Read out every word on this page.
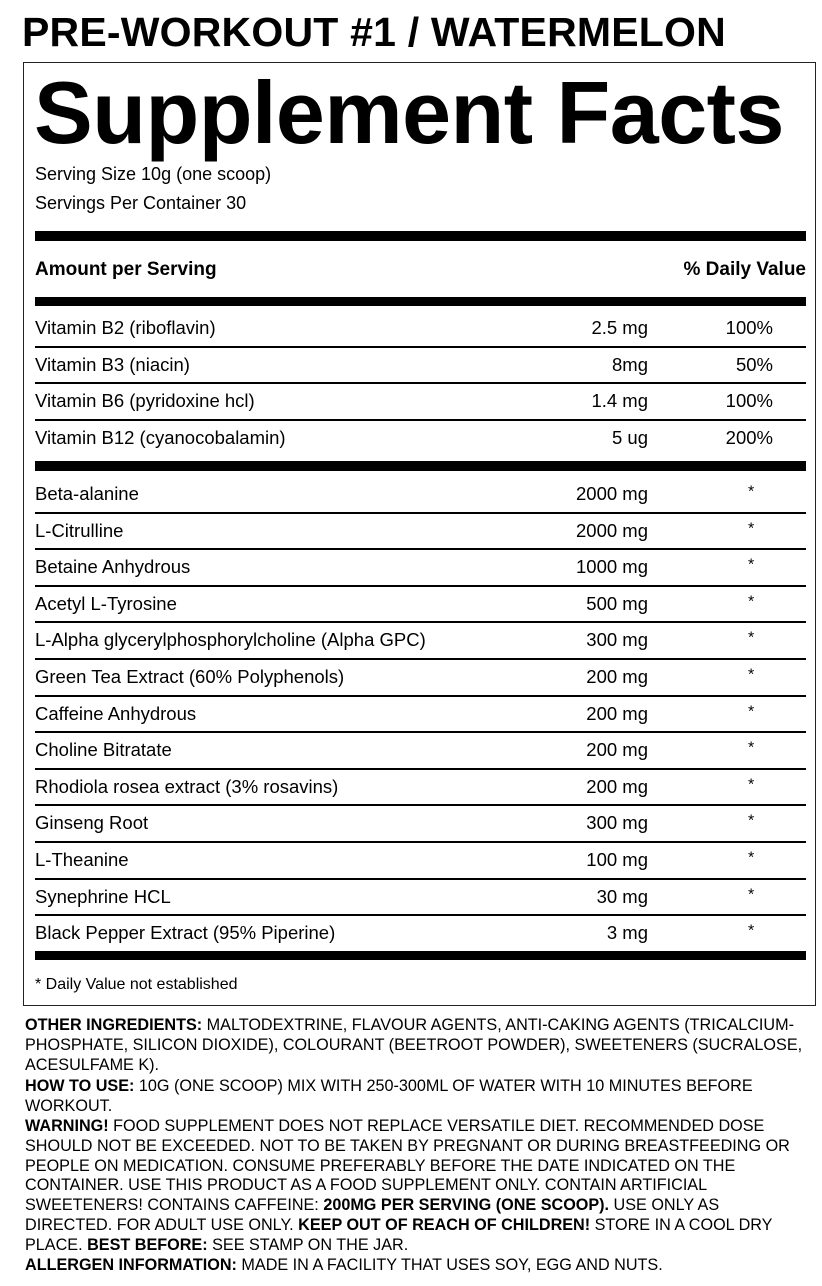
PRE-WORKOUT #1 / WATERMELON
Supplement Facts
Serving Size 10g (one scoop)
Servings Per Container 30
Amount per Serving	% Daily Value
Vitamin B2 (riboflavin)	2.5 mg	100%
Vitamin B3 (niacin)	8mg	50%
Vitamin B6 (pyridoxine hcl)	1.4 mg	100%
Vitamin B12 (cyanocobalamin)	5 ug	200%
Beta-alanine	2000 mg	*
L-Citrulline	2000 mg	*
Betaine Anhydrous	1000 mg	*
Acetyl L-Tyrosine	500 mg	*
L-Alpha glycerylphosphorylcholine (Alpha GPC)	300 mg	*
Green Tea Extract (60% Polyphenols)	200 mg	*
Caffeine Anhydrous	200 mg	*
Choline Bitratate	200 mg	*
Rhodiola rosea extract (3% rosavins)	200 mg	*
Ginseng Root	300 mg	*
L-Theanine	100 mg	*
Synephrine HCL	30 mg	*
Black Pepper Extract (95% Piperine)	3 mg	*
* Daily Value not established

OTHER INGREDIENTS: MALTODEXTRINE, FLAVOUR AGENTS, ANTI-CAKING AGENTS (TRICALCIUM-PHOSPHATE, SILICON DIOXIDE), COLOURANT (BEETROOT POWDER), SWEETENERS (SUCRALOSE, ACESULFAME K).

HOW TO USE: 10G (ONE SCOOP) MIX WITH 250-300ML OF WATER WITH 10 MINUTES BEFORE WORKOUT.

WARNING! FOOD SUPPLEMENT DOES NOT REPLACE VERSATILE DIET. RECOMMENDED DOSE SHOULD NOT BE EXCEEDED. NOT TO BE TAKEN BY PREGNANT OR DURING BREASTFEEDING OR PEOPLE ON MEDICATION. CONSUME PREFERABLY BEFORE THE DATE INDICATED ON THE CONTAINER. USE THIS PRODUCT AS A FOOD SUPPLEMENT ONLY. CONTAIN ARTIFICIAL SWEETENERS! CONTAINS CAFFEINE: 200MG PER SERVING (ONE SCOOP). USE ONLY AS DIRECTED. FOR ADULT USE ONLY. KEEP OUT OF REACH OF CHILDREN! STORE IN A COOL DRY PLACE. BEST BEFORE: SEE STAMP ON THE JAR.

ALLERGEN INFORMATION: MADE IN A FACILITY THAT USES SOY, EGG AND NUTS.
